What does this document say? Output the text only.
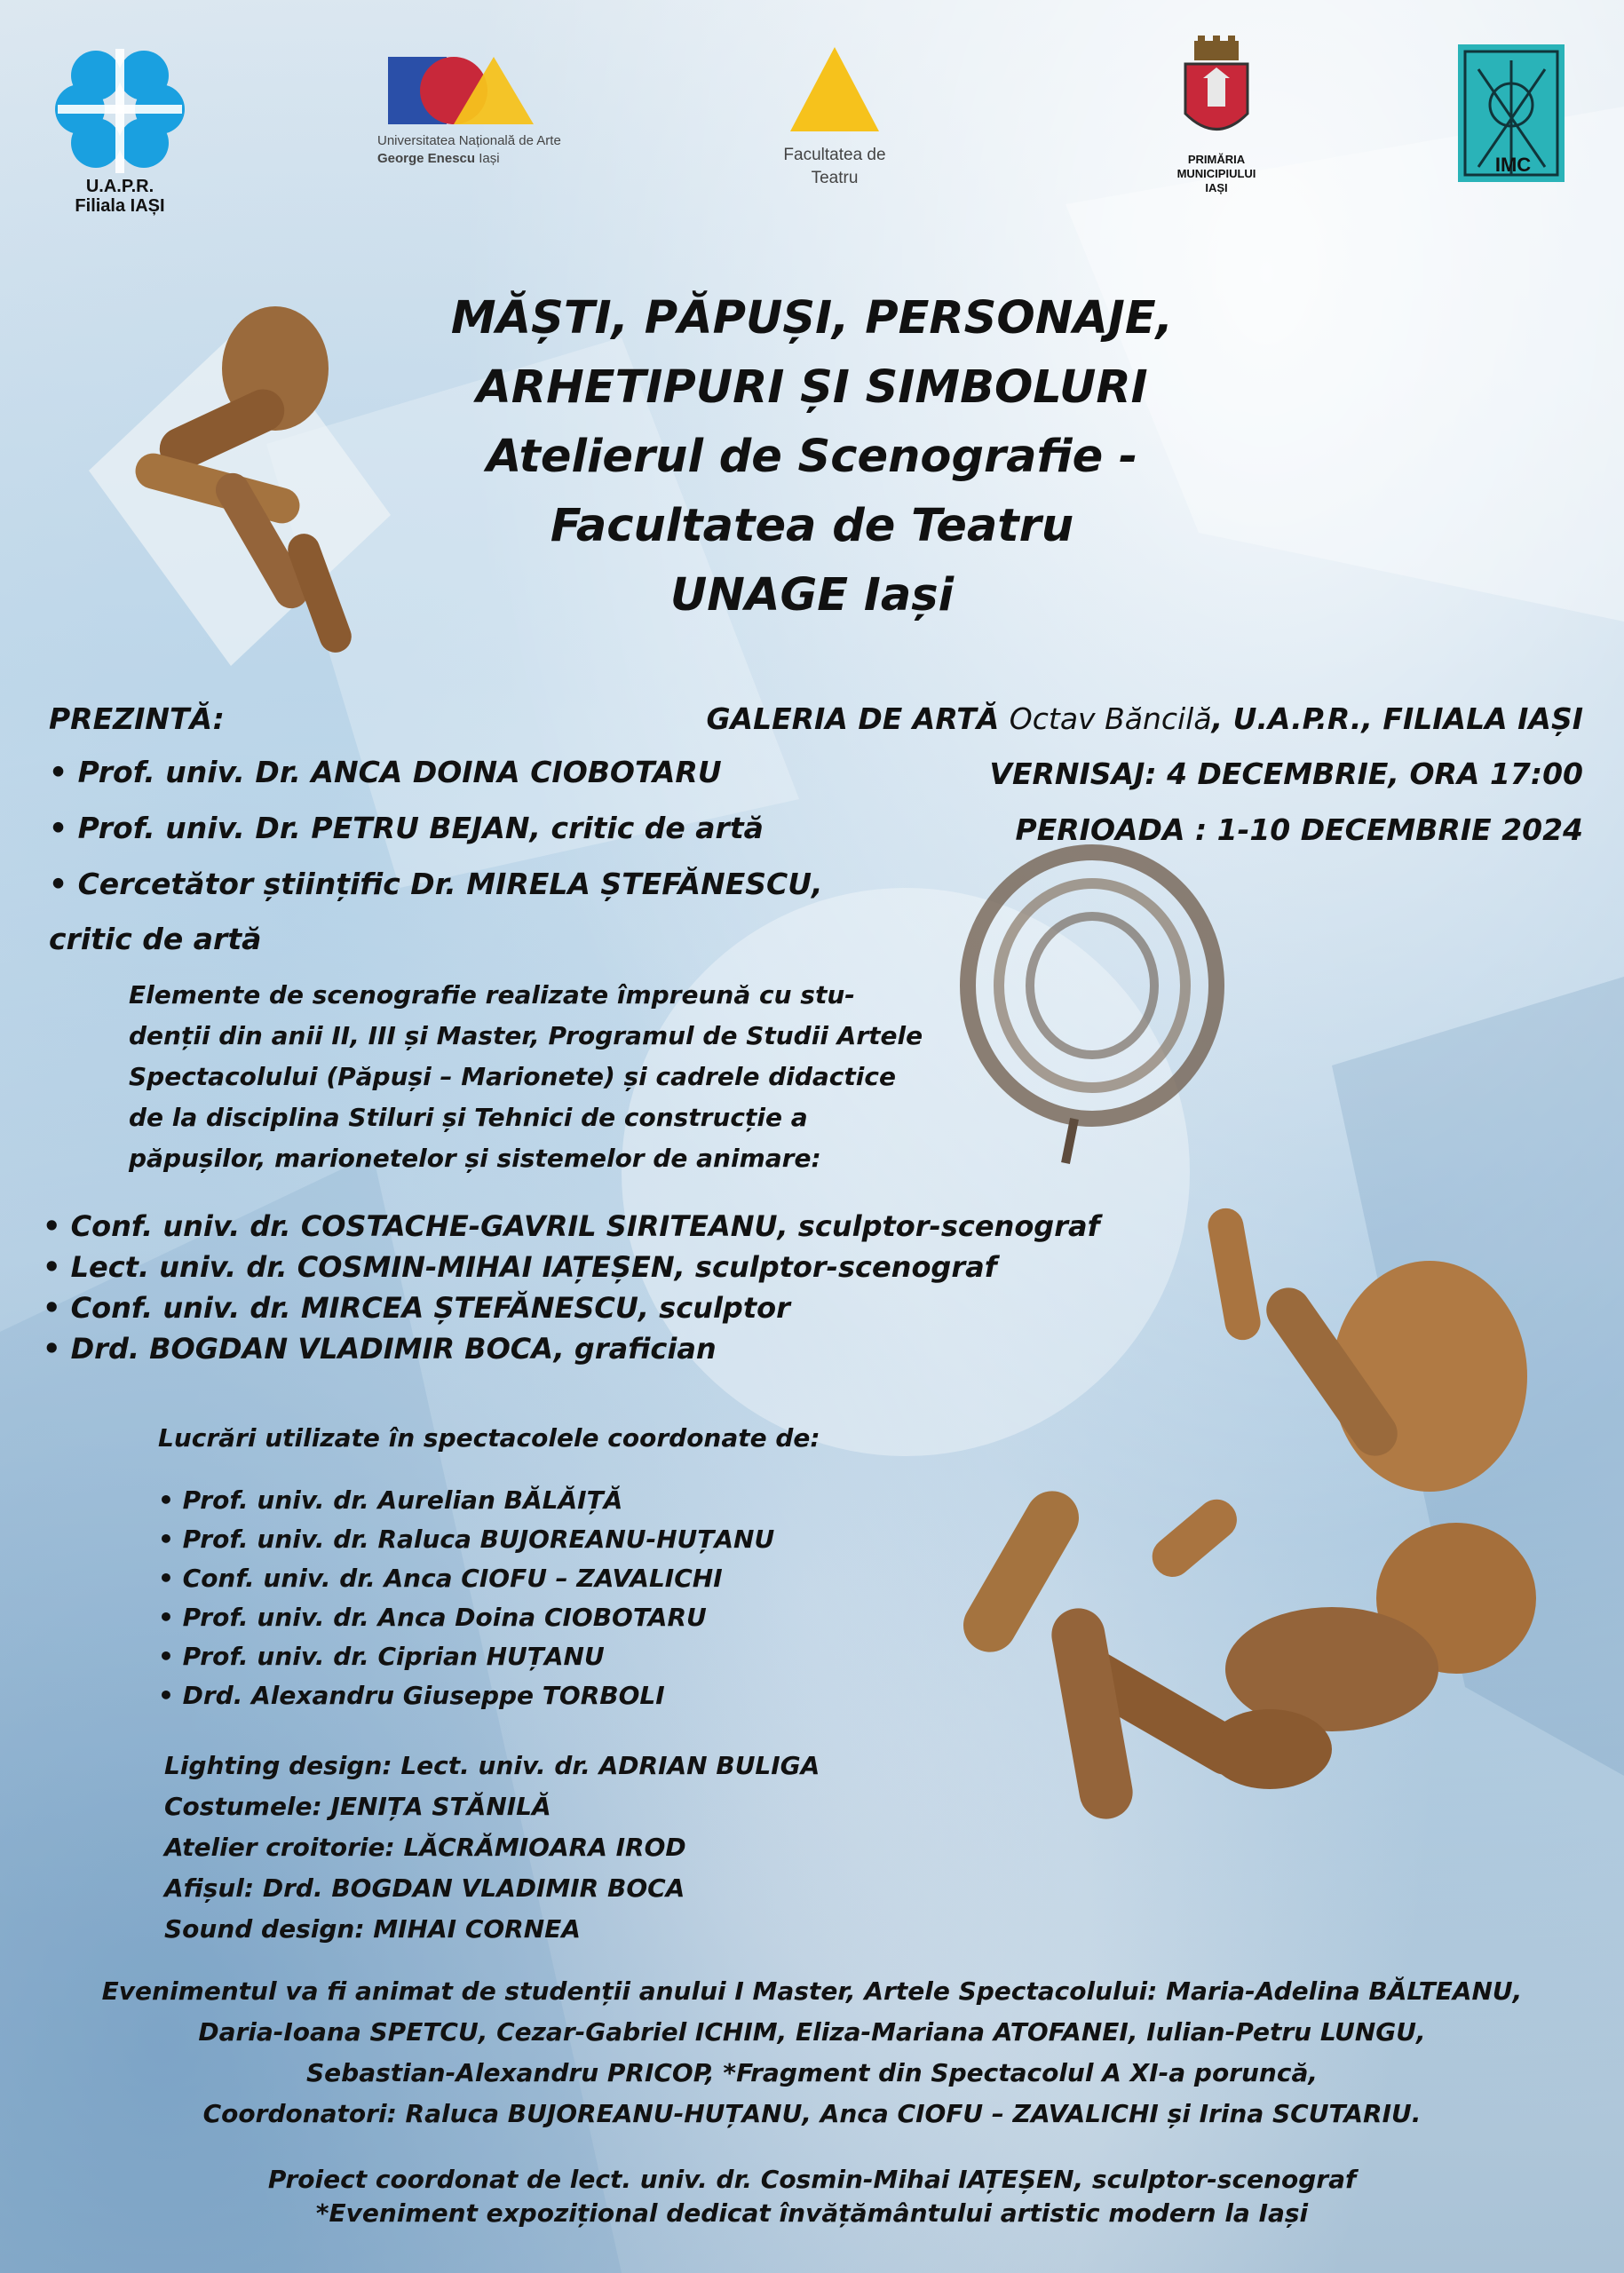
U.A.P.R.
Filiala IAȘI
Universitatea Națională de Arte
George Enescu Iași	Facultatea de
Teatru
PRIMĂRIA
MUNICIPIULUI
IAȘI
IMC
MĂȘTI, PĂPUȘI, PERSONAJE,
ARHETIPURI ȘI SIMBOLURI
Atelierul de Scenografie -
Facultatea de Teatru
UNAGE Iași
PREZINTĂ:
• Prof. univ. Dr. ANCA DOINA CIOBOTARU
• Prof. univ. Dr. PETRU BEJAN, critic de artă
• Cercetător științific Dr. MIRELA ȘTEFĂNESCU,
critic de artă
GALERIA DE ARTĂ Octav Băncilă, U.A.P.R., FILIALA IAȘI
VERNISAJ: 4 DECEMBRIE, ORA 17:00
PERIOADA : 1-10 DECEMBRIE 2024
Elemente de scenografie realizate împreună cu stu-
denții din anii II, III și Master, Programul de Studii Artele
Spectacolului (Păpuși – Marionete) și cadrele didactice
de la disciplina Stiluri și Tehnici de construcție a
păpușilor, marionetelor și sistemelor de animare:
• Conf. univ. dr. COSTACHE-GAVRIL SIRITEANU, sculptor-scenograf
• Lect. univ. dr. COSMIN-MIHAI IAȚEȘEN, sculptor-scenograf
• Conf. univ. dr. MIRCEA ȘTEFĂNESCU, sculptor
• Drd. BOGDAN VLADIMIR BOCA, grafician
Lucrări utilizate în spectacolele coordonate de:
• Prof. univ. dr. Aurelian BĂLĂIȚĂ
• Prof. univ. dr. Raluca BUJOREANU-HUȚANU
• Conf. univ. dr. Anca CIOFU – ZAVALICHI
• Prof. univ. dr. Anca Doina CIOBOTARU
• Prof. univ. dr. Ciprian HUȚANU
• Drd. Alexandru Giuseppe TORBOLI
Lighting design: Lect. univ. dr. ADRIAN BULIGA
Costumele: JENIȚA STĂNILĂ
Atelier croitorie: LĂCRĂMIOARA IROD
Afișul: Drd. BOGDAN VLADIMIR BOCA
Sound design: MIHAI CORNEA
Evenimentul va fi animat de studenții anului I Master, Artele Spectacolului: Maria-Adelina BĂLTEANU,
Daria-Ioana SPETCU, Cezar-Gabriel ICHIM, Eliza-Mariana ATOFANEI, Iulian-Petru LUNGU,
Sebastian-Alexandru PRICOP, *Fragment din Spectacolul A XI-a poruncă,
Coordonatori: Raluca BUJOREANU-HUȚANU, Anca CIOFU – ZAVALICHI și Irina SCUTARIU.
Proiect coordonat de lect. univ. dr. Cosmin-Mihai IAȚEȘEN, sculptor-scenograf
*Eveniment expozițional dedicat învățământului artistic modern la Iași
